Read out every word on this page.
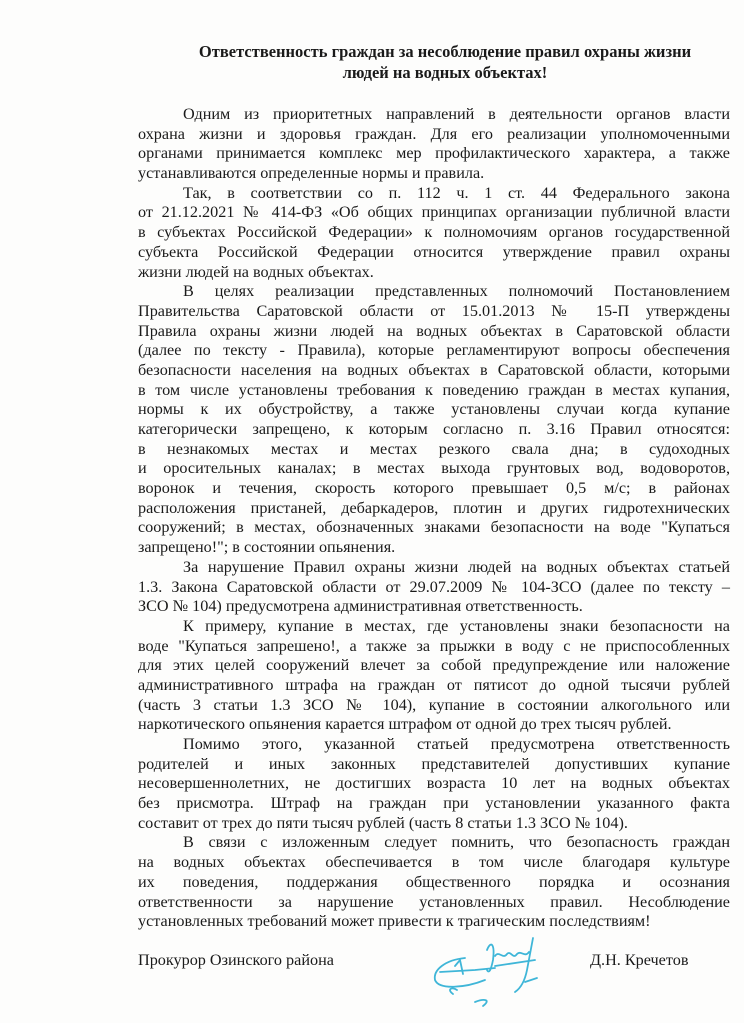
Ответственность граждан за несоблюдение правил охраны жизни
людей на водных объектах!
Одним из приоритетных направлений в деятельности органов власти
охрана жизни и здоровья граждан. Для его реализации уполномоченными
органами принимается комплекс мер профилактического характера, а также
устанавливаются определенные нормы и правила.
Так, в соответствии со п. 112 ч. 1 ст. 44 Федерального закона
от 21.12.2021 № 414-ФЗ «Об общих принципах организации публичной власти
в субъектах Российской Федерации» к полномочиям органов государственной
субъекта Российской Федерации относится утверждение правил охраны
жизни людей на водных объектах.
В целях реализации представленных полномочий Постановлением
Правительства Саратовской области от 15.01.2013 № 15-П утверждены
Правила охраны жизни людей на водных объектах в Саратовской области
(далее по тексту - Правила), которые регламентируют вопросы обеспечения
безопасности населения на водных объектах в Саратовской области, которыми
в том числе установлены требования к поведению граждан в местах купания,
нормы к их обустройству, а также установлены случаи когда купание
категорически запрещено, к которым согласно п. 3.16 Правил относятся:
в незнакомых местах и местах резкого свала дна; в судоходных
и оросительных каналах; в местах выхода грунтовых вод, водоворотов,
воронок и течения, скорость которого превышает 0,5 м/с; в районах
расположения пристаней, дебаркадеров, плотин и других гидротехнических
сооружений; в местах, обозначенных знаками безопасности на воде "Купаться
запрещено!"; в состоянии опьянения.
За нарушение Правил охраны жизни людей на водных объектах статьей
1.3. Закона Саратовской области от 29.07.2009 № 104-ЗСО (далее по тексту –
ЗСО № 104) предусмотрена административная ответственность.
К примеру, купание в местах, где установлены знаки безопасности на
воде "Купаться запрешено!, а также за прыжки в воду с не приспособленных
для этих целей сооружений влечет за собой предупреждение или наложение
административного штрафа на граждан от пятисот до одной тысячи рублей
(часть 3 статьи 1.3 ЗСО № 104), купание в состоянии алкогольного или
наркотического опьянения карается штрафом от одной до трех тысяч рублей.
Помимо этого, указанной статьей предусмотрена ответственность
родителей и иных законных представителей допустивших купание
несовершеннолетних, не достигших возраста 10 лет на водных объектах
без присмотра. Штраф на граждан при установлении указанного факта
составит от трех до пяти тысяч рублей (часть 8 статьи 1.3 ЗСО № 104).
В связи с изложенным следует помнить, что безопасность граждан
на водных объектах обеспечивается в том числе благодаря культуре
их поведения, поддержания общественного порядка и осознания
ответственности за нарушение установленных правил. Несоблюдение
установленных требований может привести к трагическим последствиям!
Прокурор Озинского района	Д.Н. Кречетов
